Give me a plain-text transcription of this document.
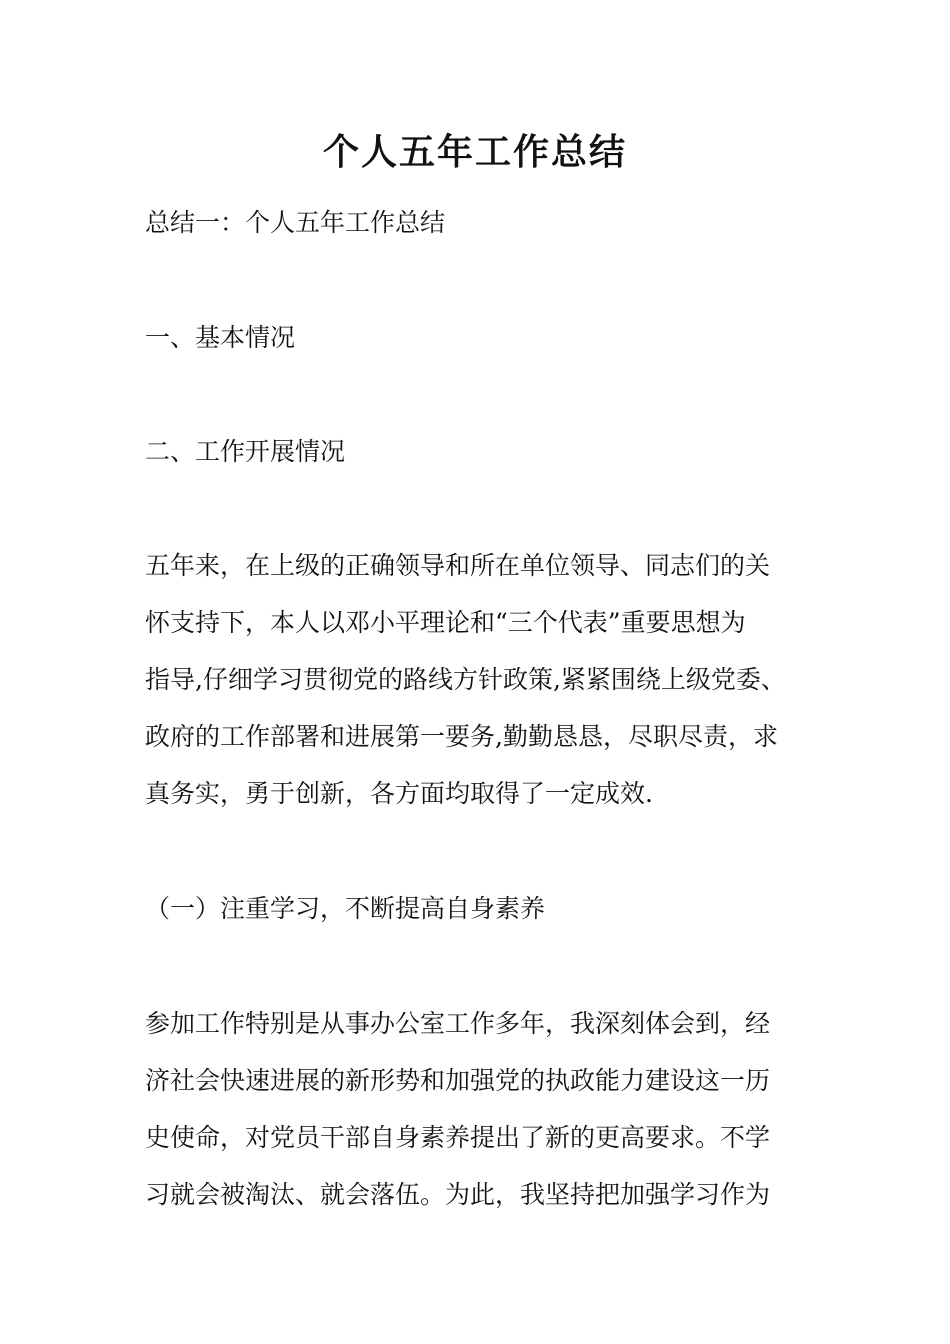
个人五年工作总结

总结一：个人五年工作总结

一、基本情况

二、工作开展情况

五年来，在上级的正确领导和所在单位领导、同志们的关

怀支持下，本人以邓小平理论和“三个代表”重要思想为

指导,仔细学习贯彻党的路线方针政策,紧紧围绕上级党委、

政府的工作部署和进展第一要务,勤勤恳恳，尽职尽责，求

真务实，勇于创新，各方面均取得了一定成效.

（一）注重学习，不断提高自身素养

参加工作特别是从事办公室工作多年，我深刻体会到，经

济社会快速进展的新形势和加强党的执政能力建设这一历

史使命，对党员干部自身素养提出了新的更高要求。不学

习就会被淘汰、就会落伍。为此，我坚持把加强学习作为
